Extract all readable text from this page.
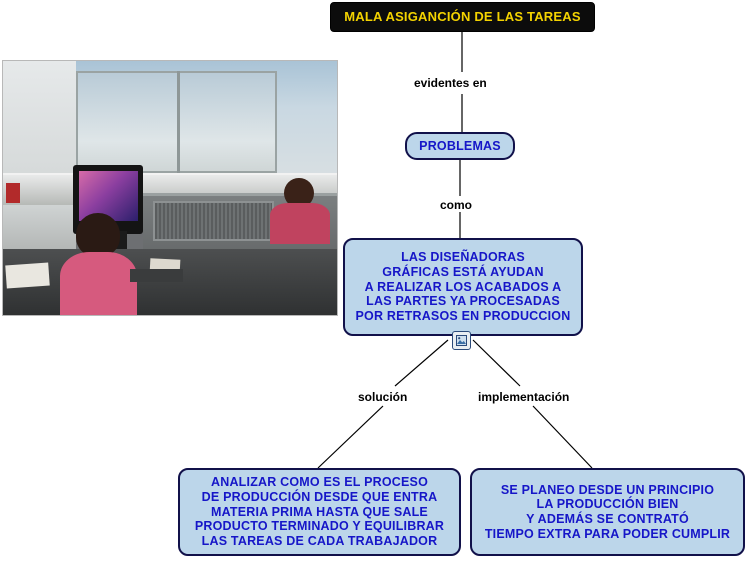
MALA ASIGANCIÓN DE LAS TAREAS
evidentes en
PROBLEMAS
como
LAS DISEÑADORAS
GRÁFICAS ESTÁ AYUDAN
A REALIZAR LOS ACABADOS A
LAS PARTES YA PROCESADAS
POR RETRASOS EN PRODUCCION
solución	implementación
ANALIZAR COMO ES EL PROCESO
DE PRODUCCIÓN DESDE QUE ENTRA
MATERIA PRIMA HASTA QUE SALE
PRODUCTO TERMINADO Y EQUILIBRAR
LAS TAREAS DE CADA TRABAJADOR
SE PLANEO DESDE UN PRINCIPIO
LA PRODUCCIÓN BIEN
Y ADEMÁS SE CONTRATÓ
TIEMPO EXTRA PARA PODER CUMPLIR
